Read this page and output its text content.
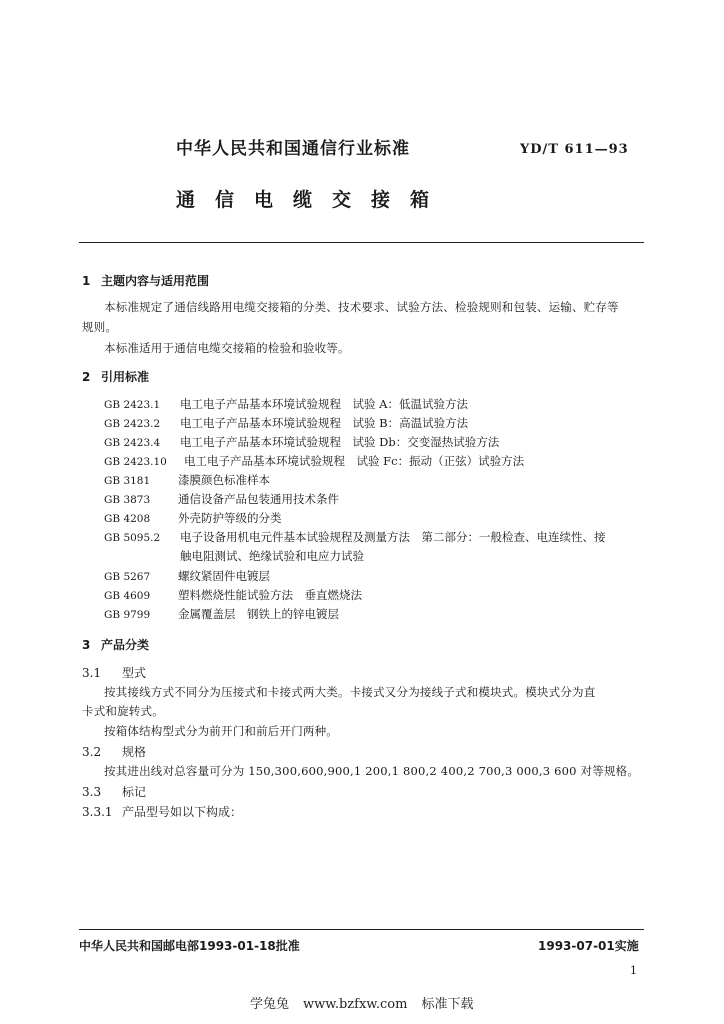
中华人民共和国通信行业标准	YD/T 611—93
通信电缆交接箱
1 主题内容与适用范围
本标准规定了通信线路用电缆交接箱的分类、技术要求、试验方法、检验规则和包装、运输、贮存等
规则。
本标准适用于通信电缆交接箱的检验和验收等。
2 引用标准
GB 2423.1 电工电子产品基本环境试验规程　试验 A：低温试验方法
GB 2423.2 电工电子产品基本环境试验规程　试验 B：高温试验方法
GB 2423.4 电工电子产品基本环境试验规程　试验 Db：交变湿热试验方法
GB 2423.10 电工电子产品基本环境试验规程　试验 Fc：振动（正弦）试验方法
GB 3181 漆膜颜色标准样本
GB 3873 通信设备产品包装通用技术条件
GB 4208 外壳防护等级的分类
GB 5095.2 电子设备用机电元件基本试验规程及测量方法　第二部分：一般检查、电连续性、接
触电阻测试、绝缘试验和电应力试验
GB 5267 螺纹紧固件电镀层
GB 4609 塑料燃烧性能试验方法　垂直燃烧法
GB 9799 金属覆盖层　钢铁上的锌电镀层
3 产品分类
3.1 型式
按其接线方式不同分为压接式和卡接式两大类。卡接式又分为接线子式和模块式。模块式分为直
卡式和旋转式。
按箱体结构型式分为前开门和前后开门两种。
3.2 规格
按其进出线对总容量可分为 150,300,600,900,1 200,1 800,2 400,2 700,3 000,3 600 对等规格。
3.3 标记
3.3.1 产品型号如以下构成：
中华人民共和国邮电部1993-01-18批准	1993-07-01实施
1
学兔兔 www.bzfxw.com 标准下载
